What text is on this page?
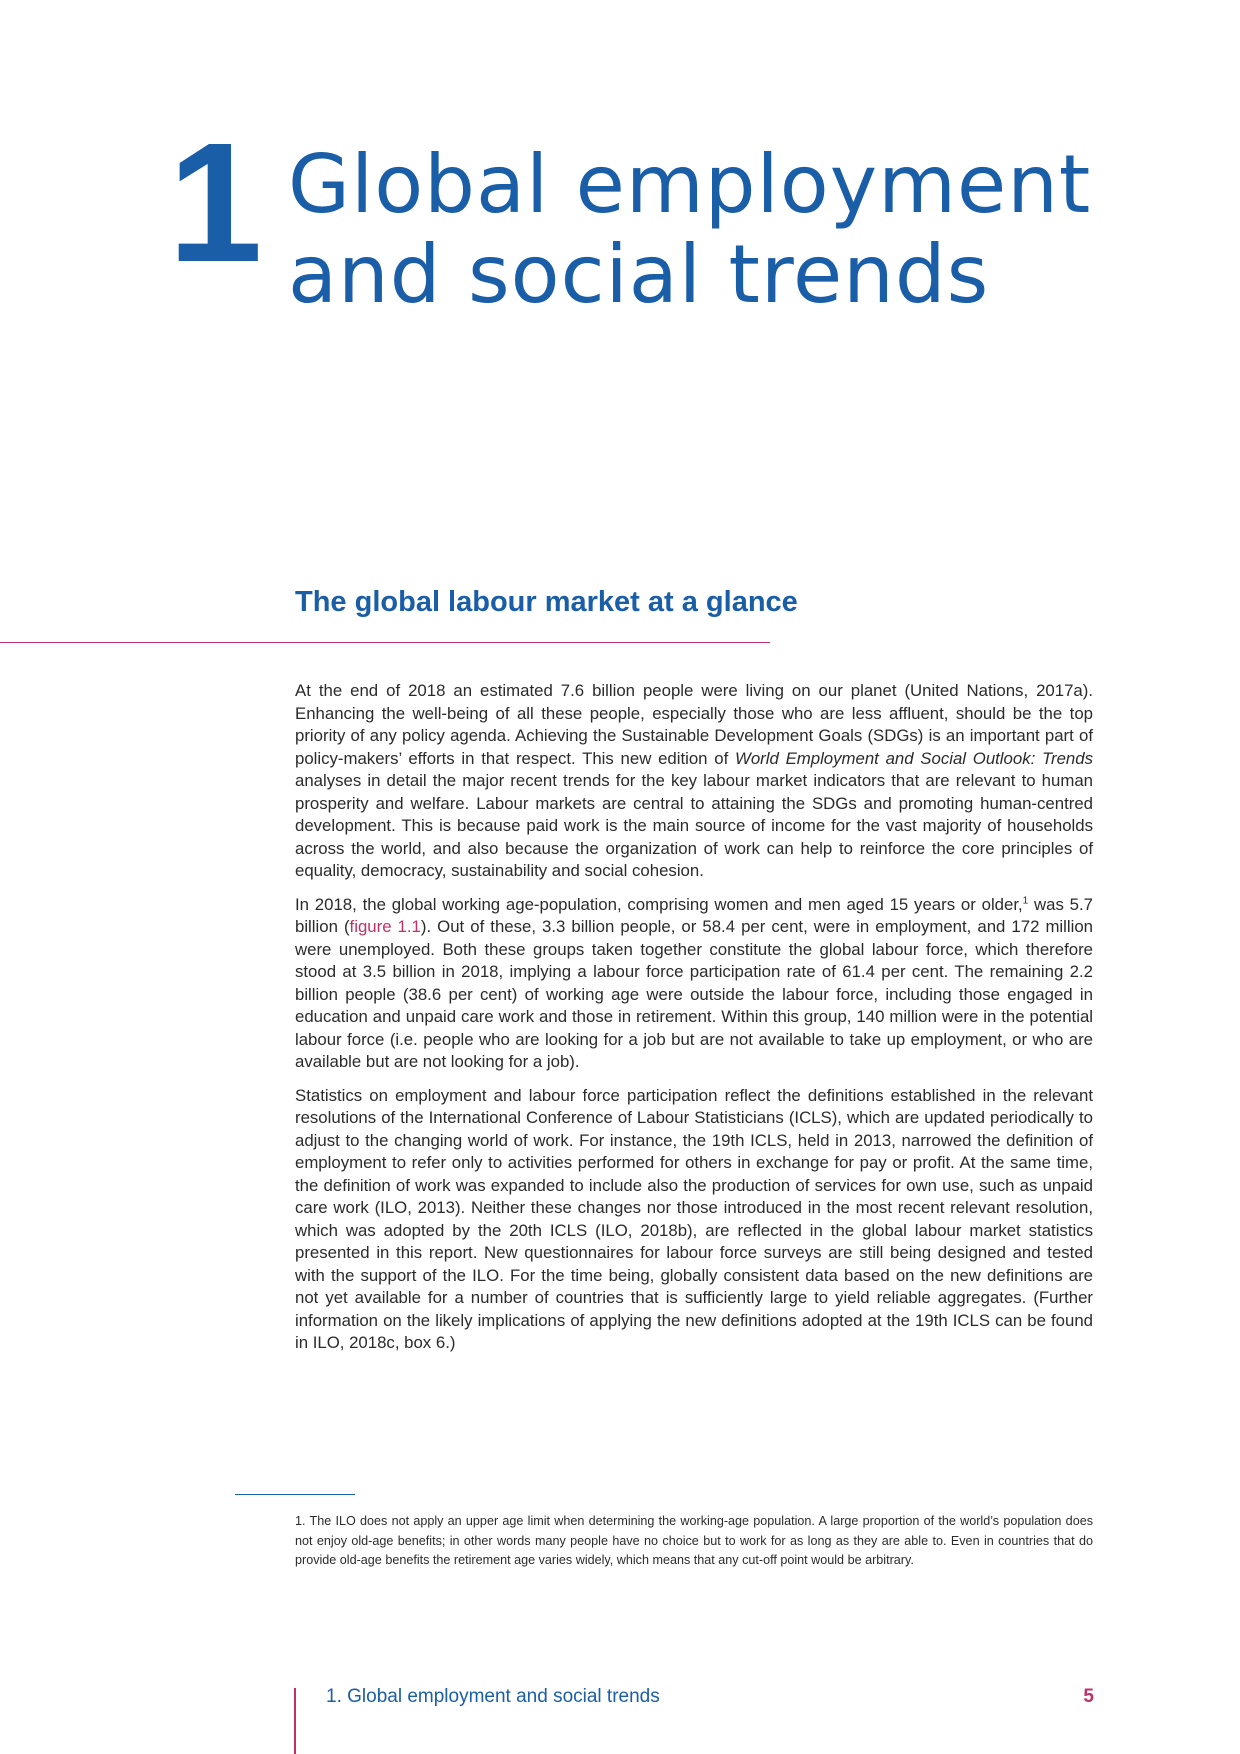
1 Global employment
and social trends
The global labour market at a glance

At the end of 2018 an estimated 7.6 billion people were living on our planet (United Nations, 2017a). Enhancing the well-being of all these people, especially those who are less affluent, should be the top priority of any policy agenda. Achieving the Sustainable Development Goals (SDGs) is an important part of policy-makers’ efforts in that respect. This new edition of World Employment and Social Outlook: Trends analyses in detail the major recent trends for the key labour market indicators that are relevant to human prosperity and welfare. Labour markets are central to attaining the SDGs and promoting human-centred development. This is because paid work is the main source of income for the vast majority of households across the world, and also because the organization of work can help to reinforce the core principles of equality, democracy, sustainability and social cohesion.

In 2018, the global working age-population, comprising women and men aged 15 years or older,$^1$ was 5.7 billion (figure 1.1). Out of these, 3.3 billion people, or 58.4 per cent, were in employment, and 172 million were unemployed. Both these groups taken together constitute the global labour force, which therefore stood at 3.5 billion in 2018, implying a labour force participation rate of 61.4 per cent. The remaining 2.2 billion people (38.6 per cent) of working age were outside the labour force, including those engaged in education and unpaid care work and those in retirement. Within this group, 140 million were in the potential labour force (i.e. people who are looking for a job but are not available to take up employment, or who are available but are not looking for a job).

Statistics on employment and labour force participation reflect the definitions established in the relevant resolutions of the International Conference of Labour Statisticians (ICLS), which are updated periodically to adjust to the changing world of work. For instance, the 19th ICLS, held in 2013, narrowed the definition of employment to refer only to activities performed for others in exchange for pay or profit. At the same time, the definition of work was expanded to include also the production of services for own use, such as unpaid care work (ILO, 2013). Neither these changes nor those introduced in the most recent relevant resolution, which was adopted by the 20th ICLS (ILO, 2018b), are reflected in the global labour market statistics presented in this report. New questionnaires for labour force surveys are still being designed and tested with the support of the ILO. For the time being, globally consistent data based on the new definitions are not yet available for a number of countries that is sufficiently large to yield reliable aggregates. (Further information on the likely implications of applying the new definitions adopted at the 19th ICLS can be found in ILO, 2018c, box 6.)

1. The ILO does not apply an upper age limit when determining the working-age population. A large proportion of the world’s population does not enjoy old-age benefits; in other words many people have no choice but to work for as long as they are able to. Even in countries that do provide old-age benefits the retirement age varies widely, which means that any cut-off point would be arbitrary.

1. Global employment and social trends	5
